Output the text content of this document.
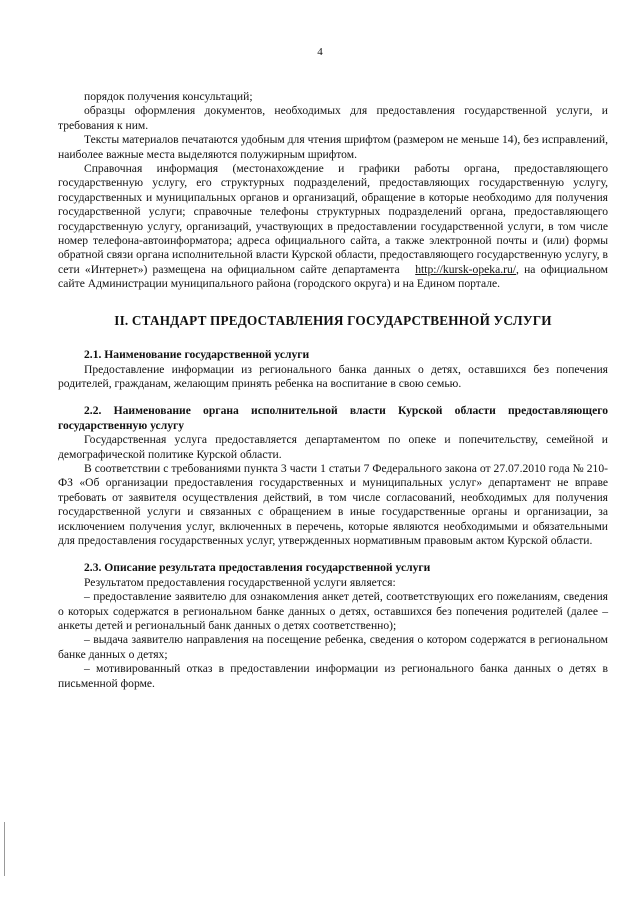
4

порядок получения консультаций;

образцы оформления документов, необходимых для предоставления государственной услуги, и требования к ним.

Тексты материалов печатаются удобным для чтения шрифтом (размером не меньше 14), без исправлений, наиболее важные места выделяются полужирным шрифтом.

Справочная информация (местонахождение и графики работы органа, предоставляющего государственную услугу, его структурных подразделений, предоставляющих государственную услугу, государственных и муниципальных органов и организаций, обращение в которые необходимо для получения государственной услуги; справочные телефоны структурных подразделений органа, предоставляющего государственную услугу, организаций, участвующих в предоставлении государственной услуги, в том числе номер телефона-автоинформатора; адреса официального сайта, а также электронной почты и (или) формы обратной связи органа исполнительной власти Курской области, предоставляющего государственную услугу, в сети «Интернет») размещена на официальном сайте департамента http://kursk-opeka.ru/, на официальном сайте Администрации муниципального района (городского округа) и на Едином портале.

II. СТАНДАРТ ПРЕДОСТАВЛЕНИЯ ГОСУДАРСТВЕННОЙ УСЛУГИ

2.1. Наименование государственной услуги

Предоставление информации из регионального банка данных о детях, оставшихся без попечения родителей, гражданам, желающим принять ребенка на воспитание в свою семью.

2.2. Наименование органа исполнительной власти Курской области предоставляющего государственную услугу

Государственная услуга предоставляется департаментом по опеке и попечительству, семейной и демографической политике Курской области.

В соответствии с требованиями пункта 3 части 1 статьи 7 Федерального закона от 27.07.2010 года № 210-ФЗ «Об организации предоставления государственных и муниципальных услуг» департамент не вправе требовать от заявителя осуществления действий, в том числе согласований, необходимых для получения государственной услуги и связанных с обращением в иные государственные органы и организации, за исключением получения услуг, включенных в перечень, которые являются необходимыми и обязательными для предоставления государственных услуг, утвержденных нормативным правовым актом Курской области.

2.3. Описание результата предоставления государственной услуги

Результатом предоставления государственной услуги является:

– предоставление заявителю для ознакомления анкет детей, соответствующих его пожеланиям, сведения о которых содержатся в региональном банке данных о детях, оставшихся без попечения родителей (далее – анкеты детей и региональный банк данных о детях соответственно);

– выдача заявителю направления на посещение ребенка, сведения о котором содержатся в региональном банке данных о детях;

– мотивированный отказ в предоставлении информации из регионального банка данных о детях в письменной форме.
